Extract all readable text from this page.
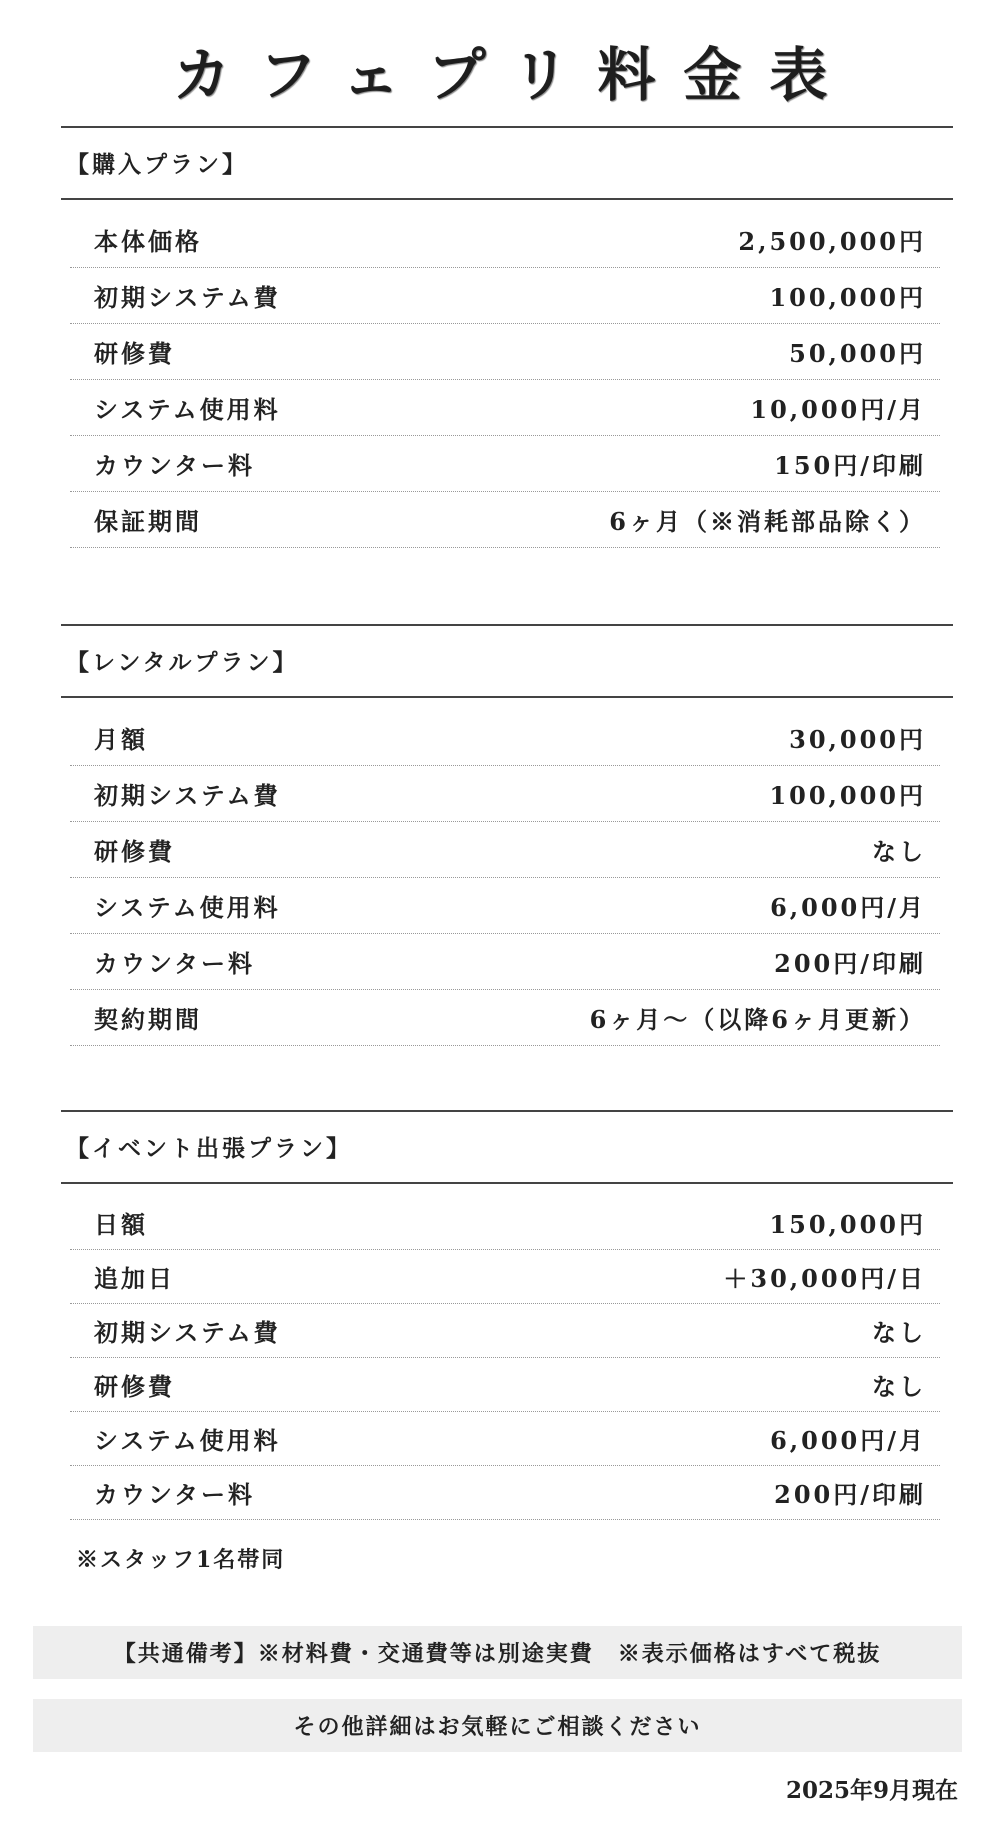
カフェプリ料金表
【購入プラン】
本体価格	2,500,000円
初期システム費	100,000円
研修費	50,000円
システム使用料	10,000円/月
カウンター料	150円/印刷
保証期間	6ヶ月（※消耗部品除く）
【レンタルプラン】
月額	30,000円
初期システム費	100,000円
研修費	なし
システム使用料	6,000円/月
カウンター料	200円/印刷
契約期間	6ヶ月〜（以降6ヶ月更新）
【イベント出張プラン】
日額	150,000円
追加日	＋30,000円/日
初期システム費	なし
研修費	なし
システム使用料	6,000円/月
カウンター料	200円/印刷
※スタッフ1名帯同
【共通備考】※材料費・交通費等は別途実費　※表示価格はすべて税抜
その他詳細はお気軽にご相談ください
2025年9月現在
